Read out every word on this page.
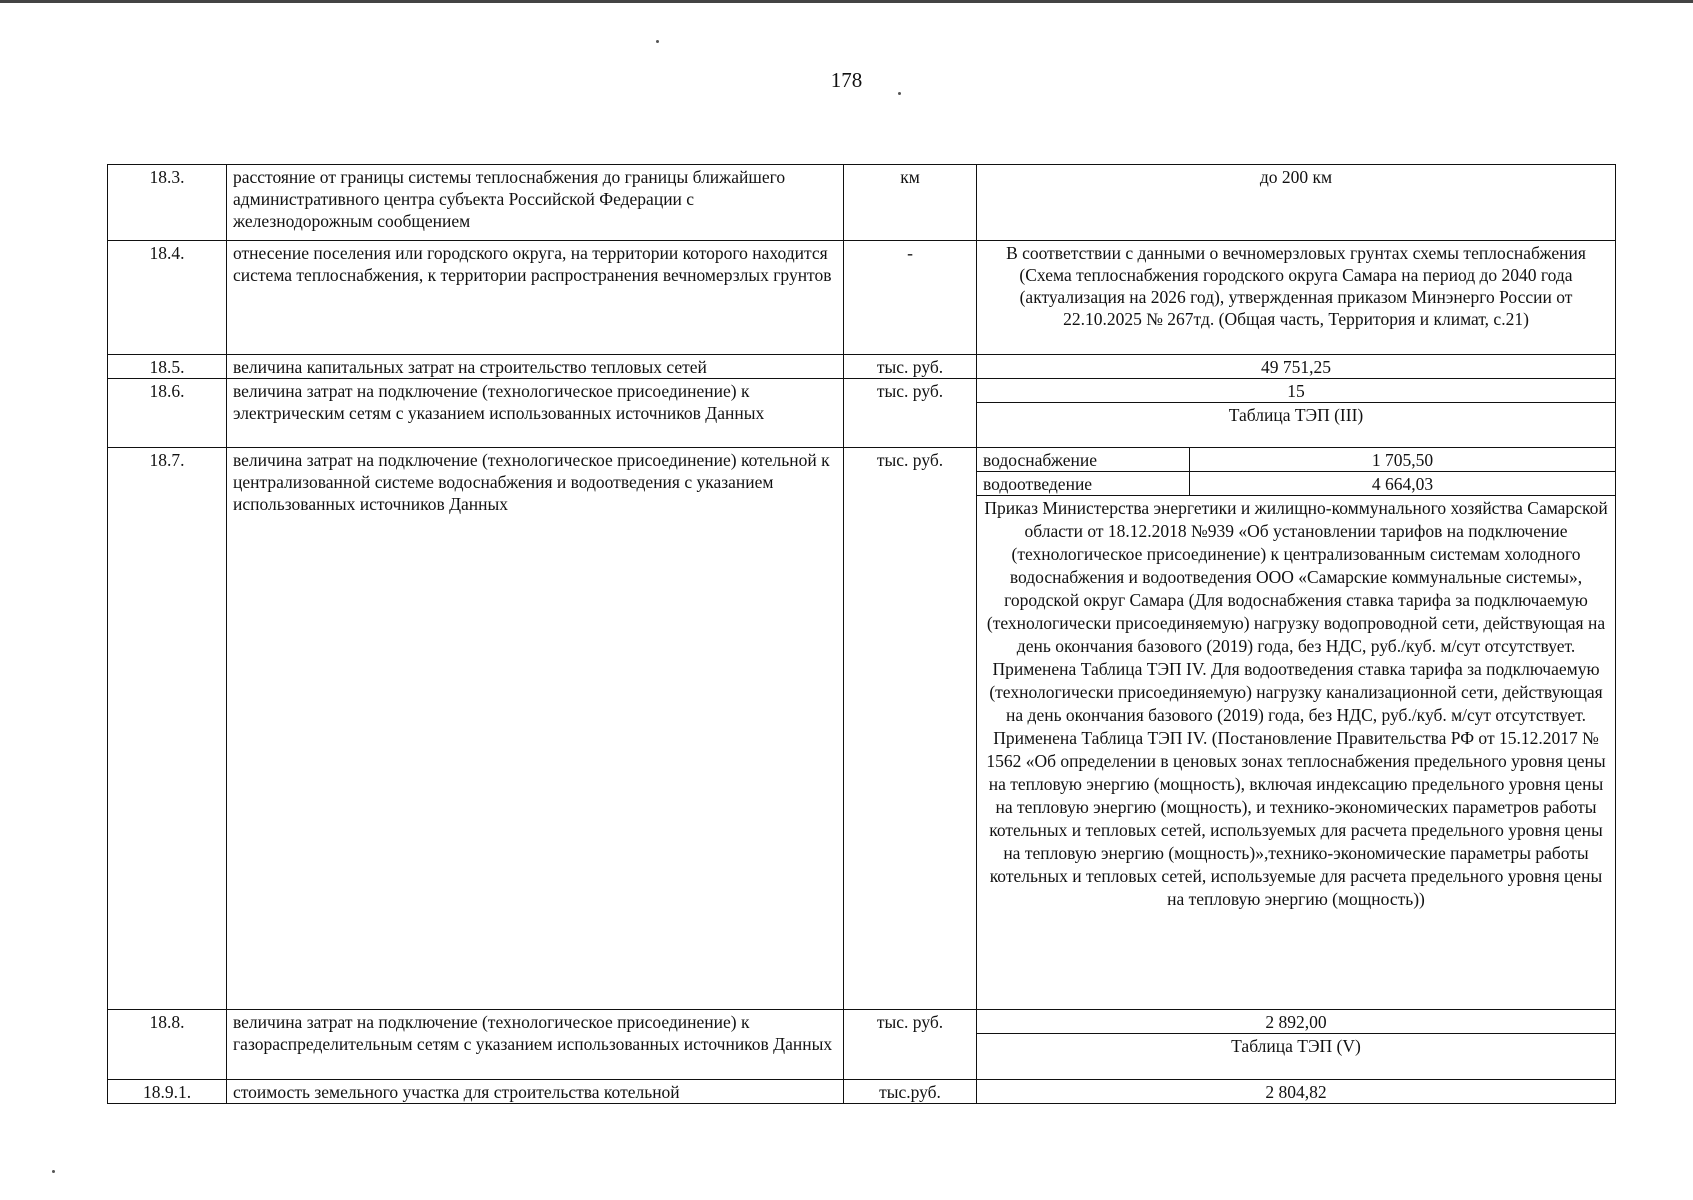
178
18.3.	расстояние от границы системы теплоснабжения до границы ближайшего административного центра субъекта Российской Федерации с железнодорожным сообщением	км	до 200 км	
18.4.	отнесение поселения или городского округа, на территории которого находится система теплоснабжения, к территории распространения вечномерзлых грунтов	-	В соответствии с данными о вечномерзловых грунтах схемы теплоснабжения (Схема теплоснабжения городского округа Самара на период до 2040 года (актуализация на 2026 год), утвержденная приказом Минэнерго России от 22.10.2025 № 267тд. (Общая часть, Территория и климат, с.21)	
18.5.	величина капитальных затрат на строительство тепловых сетей	тыс. руб.	49 751,25	
18.6.	величина затрат на подключение (технологическое присоединение) к электрическим сетям с указанием использованных источников Данных	тыс. руб.	15	
			Таблица ТЭП (III)	
18.7.	величина затрат на подключение (технологическое присоединение) котельной к централизованной системе водоснабжения и водоотведения с указанием использованных источников Данных	тыс. руб.	водоснабжение	1 705,50
			водоотведение	4 664,03
			Приказ Министерства энергетики и жилищно-коммунального хозяйства Самарской области от 18.12.2018 №939 «Об установлении тарифов на подключение (технологическое присоединение) к централизованным системам холодного водоснабжения и водоотведения ООО «Самарские коммунальные системы», городской округ Самара (Для водоснабжения ставка тарифа за подключаемую (технологически присоединяемую) нагрузку водопроводной сети, действующая на день окончания базового (2019) года, без НДС, руб./куб. м/сут отсутствует. Применена Таблица ТЭП IV. Для водоотведения ставка тарифа за подключаемую (технологически присоединяемую) нагрузку канализационной сети, действующая на день окончания базового (2019) года, без НДС, руб./куб. м/сут отсутствует. Применена Таблица ТЭП IV. (Постановление Правительства РФ от 15.12.2017 № 1562 «Об определении в ценовых зонах теплоснабжения предельного уровня цены на тепловую энергию (мощность), включая индексацию предельного уровня цены на тепловую энергию (мощность), и технико-экономических параметров работы котельных и тепловых сетей, используемых для расчета предельного уровня цены на тепловую энергию (мощность)»,технико-экономические параметры работы котельных и тепловых сетей, используемые для расчета предельного уровня цены на тепловую энергию (мощность))	
18.8.	величина затрат на подключение (технологическое присоединение) к газораспределительным сетям с указанием использованных источников Данных	тыс. руб.	2 892,00	
			Таблица ТЭП (V)	
18.9.1.	стоимость земельного участка для строительства котельной	тыс.руб.	2 804,82	
